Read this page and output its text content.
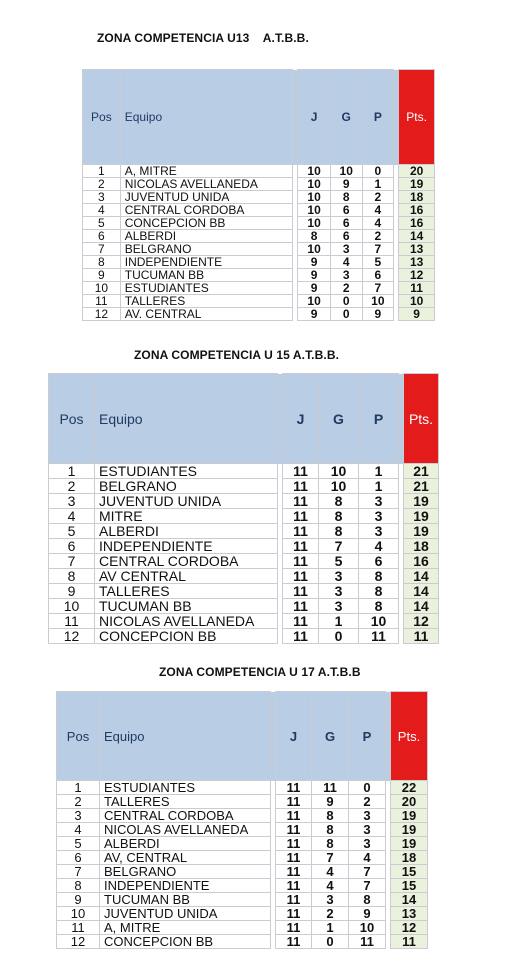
ZONA COMPETENCIA U13    A.T.B.B.
Pos	Equipo		J	G	P		Pts.
1	A, MITRE		10	10	0		20
2	NICOLAS AVELLANEDA		10	9	1		19
3	JUVENTUD UNIDA		10	8	2		18
4	CENTRAL CORDOBA		10	6	4		16
5	CONCEPCION BB		10	6	4		16
6	ALBERDI		8	6	2		14
7	BELGRANO		10	3	7		13
8	INDEPENDIENTE		9	4	5		13
9	TUCUMAN BB		9	3	6		12
10	ESTUDIANTES		9	2	7		11
11	TALLERES		10	0	10		10
12	AV. CENTRAL		9	0	9		9
ZONA COMPETENCIA U 15 A.T.B.B.
Pos	Equipo		J	G	P		Pts.
1	ESTUDIANTES		11	10	1		21
2	BELGRANO		11	10	1		21
3	JUVENTUD UNIDA		11	8	3		19
4	MITRE		11	8	3		19
5	ALBERDI		11	8	3		19
6	INDEPENDIENTE		11	7	4		18
7	CENTRAL CORDOBA		11	5	6		16
8	AV CENTRAL		11	3	8		14
9	TALLERES		11	3	8		14
10	TUCUMAN BB		11	3	8		14
11	NICOLAS AVELLANEDA		11	1	10		12
12	CONCEPCION BB		11	0	11		11
ZONA COMPETENCIA U 17 A.T.B.B
Pos	Equipo		J	G	P		Pts.
1	ESTUDIANTES		11	11	0		22
2	TALLERES		11	9	2		20
3	CENTRAL CORDOBA		11	8	3		19
4	NICOLAS AVELLANEDA		11	8	3		19
5	ALBERDI		11	8	3		19
6	AV, CENTRAL		11	7	4		18
7	BELGRANO		11	4	7		15
8	INDEPENDIENTE		11	4	7		15
9	TUCUMAN BB		11	3	8		14
10	JUVENTUD UNIDA		11	2	9		13
11	A, MITRE		11	1	10		12
12	CONCEPCION BB		11	0	11		11
